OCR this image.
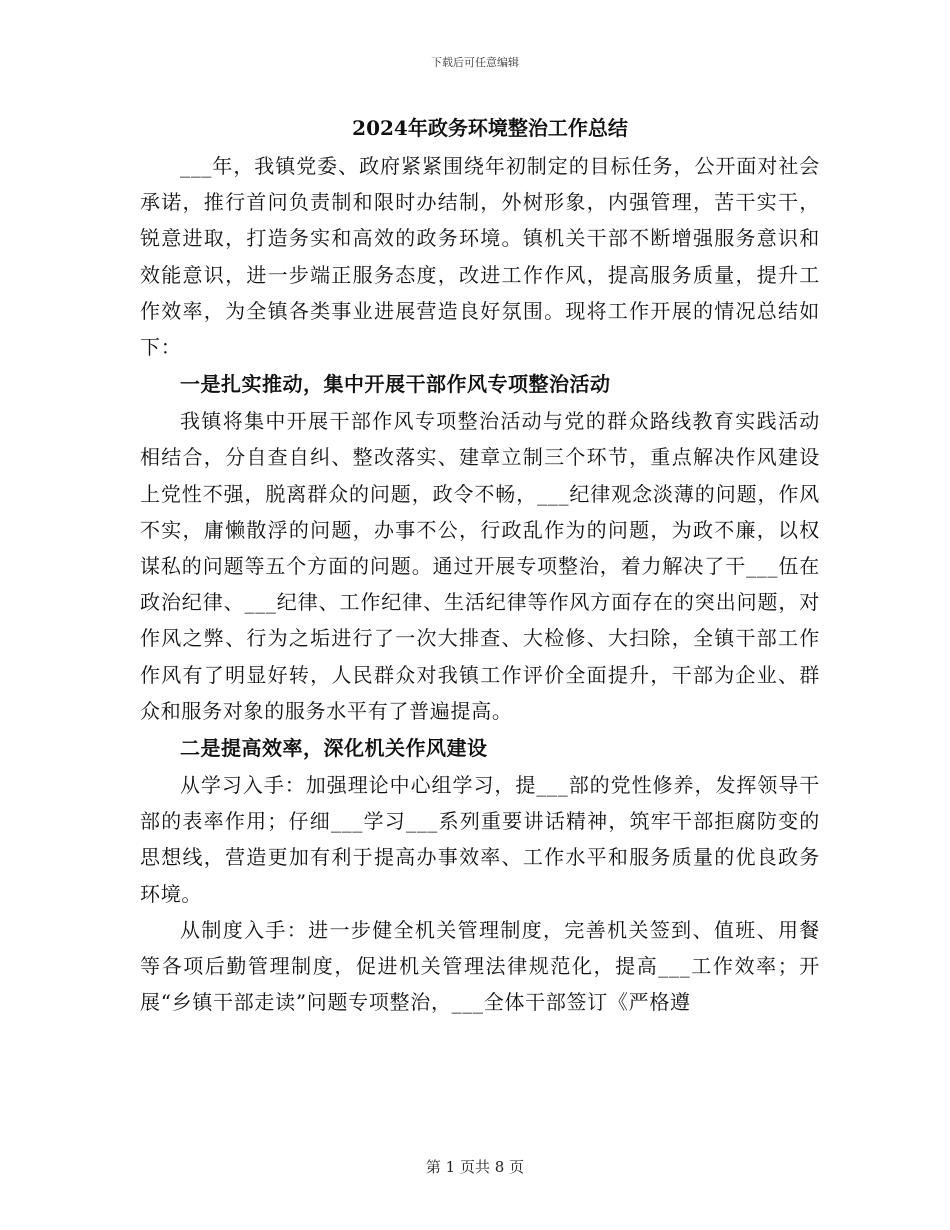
下载后可任意编辑

2024年政务环境整治工作总结

___年，我镇党委、政府紧紧围绕年初制定的目标任务，公开面对社会承诺，推行首问负责制和限时办结制，外树形象，内强管理，苦干实干，锐意进取，打造务实和高效的政务环境。镇机关干部不断增强服务意识和效能意识，进一步端正服务态度，改进工作作风，提高服务质量，提升工作效率，为全镇各类事业进展营造良好氛围。现将工作开展的情况总结如下：

一是扎实推动，集中开展干部作风专项整治活动

我镇将集中开展干部作风专项整治活动与党的群众路线教育实践活动相结合，分自查自纠、整改落实、建章立制三个环节，重点解决作风建设上党性不强，脱离群众的问题，政令不畅，___纪律观念淡薄的问题，作风不实，庸懒散浮的问题，办事不公，行政乱作为的问题，为政不廉，以权谋私的问题等五个方面的问题。通过开展专项整治，着力解决了干___伍在政治纪律、___纪律、工作纪律、生活纪律等作风方面存在的突出问题，对作风之弊、行为之垢进行了一次大排查、大检修、大扫除，全镇干部工作作风有了明显好转，人民群众对我镇工作评价全面提升，干部为企业、群众和服务对象的服务水平有了普遍提高。

二是提高效率，深化机关作风建设

从学习入手：加强理论中心组学习，提___部的党性修养，发挥领导干部的表率作用；仔细___学习___系列重要讲话精神，筑牢干部拒腐防变的思想线，营造更加有利于提高办事效率、工作水平和服务质量的优良政务环境。

从制度入手：进一步健全机关管理制度，完善机关签到、值班、用餐等各项后勤管理制度，促进机关管理法律规范化，提高___工作效率；开展“乡镇干部走读”问题专项整治，___全体干部签订《严格遵

第 1 页共 8 页
